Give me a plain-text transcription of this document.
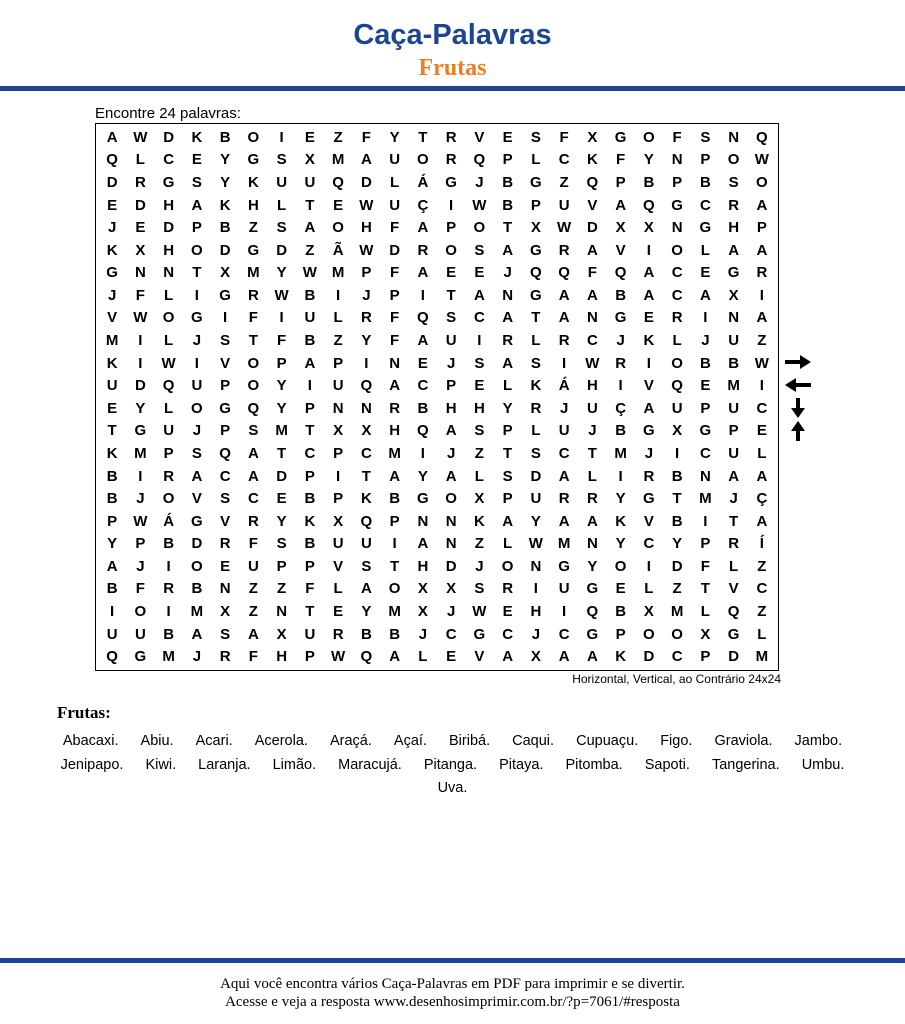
Caça-Palavras
Frutas
Encontre 24 palavras:
A	W	D	K	B	O	I	E	Z	F	Y	T	R	V	E	S	F	X	G	O	F	S	N	Q
Q	L	C	E	Y	G	S	X	M	A	U	O	R	Q	P	L	C	K	F	Y	N	P	O	W
D	R	G	S	Y	K	U	U	Q	D	L	Á	G	J	B	G	Z	Q	P	B	P	B	S	O
E	D	H	A	K	H	L	T	E	W	U	Ç	I	W	B	P	U	V	A	Q	G	C	R	A
J	E	D	P	B	Z	S	A	O	H	F	A	P	O	T	X	W	D	X	X	N	G	H	P
K	X	H	O	D	G	D	Z	Ã	W	D	R	O	S	A	G	R	A	V	I	O	L	A	A
G	N	N	T	X	M	Y	W M	P	F	A	E	E	J	Q	Q	F	Q	A	C	E	G	R
J	F	L	I	G	R	W	B	I	J	P	I	T	A	N	G	A	A	B	A	C	A	X	I
V	W	O	G	I	F	I	U	L	R	F	Q	S	C	A	T	A	N	G	E	R	I	N	A
M	I	L	J	S	T	F	B	Z	Y	F	A	U	I	R	L	R	C	J	K	L	J	U	Z
K	I	W	I	V	O	P	A	P	I	N	E	J	S	A	S	I	W	R	I	O	B	B	W
U	D	Q	U	P	O	Y	I	U	Q	A	C	P	E	L	K	Á	H	I	V	Q	E	M	I
E	Y	L	O	G	Q	Y	P	N	N	R	B	H	H	Y	R	J	U	Ç	A	U	P	U	C
T	G	U	J	P	S	M	T	X	X	H	Q	A	S	P	L	U	J	B	G	X	G	P	E
K	M	P	S	Q	A	T	C	P	C	M	I	J	Z	T	S	C	T	M	J	I	C	U	L
B	I	R	A	C	A	D	P	I	T	A	Y	A	L	S	D	A	L	I	R	B	N	A	A
B	J	O	V	S	C	E	B	P	K	B	G	O	X	P	U	R	R	Y	G	T	M	J	Ç
P	W	Á	G	V	R	Y	K	X	Q	P	N	N	K	A	Y	A	A	K	V	B	I	T	A
Y	P	B	D	R	F	S	B	U	U	I	A	N	Z	L	W M	N	Y	C	Y	P	R	Í
A	J	I	O	E	U	P	P	V	S	T	H	D	J	O	N	G	Y	O	I	D	F	L	Z
B	F	R	B	N	Z	Z	F	L	A	O	X	X	S	R	I	U	G	E	L	Z	T	V	C
I	O	I	M	X	Z	N	T	E	Y	M	X	J	W	E	H	I	Q	B	X	M	L	Q	Z
U	U	B	A	S	A	X	U	R	B	B	J	C	G	C	J	C	G	P	O	O	X	G	L
Q	G	M	J	R	F	H	P	W	Q	A	L	E	V	A	X	A	A	K	D	C	P	D	M
Horizontal, Vertical, ao Contrário 24x24
Frutas:
Abacaxi. Abiu. Acari. Acerola. Araçá. Açaí. Biribá. Caqui. Cupuaçu. Figo. Graviola. Jambo. Jenipapo. Kiwi. Laranja. Limão. Maracujá. Pitanga. Pitaya. Pitomba. Sapoti. Tangerina. Umbu. Uva.
Aqui você encontra vários Caça-Palavras em PDF para imprimir e se divertir.
Acesse e veja a resposta www.desenhosimprimir.com.br/?p=7061/#resposta
